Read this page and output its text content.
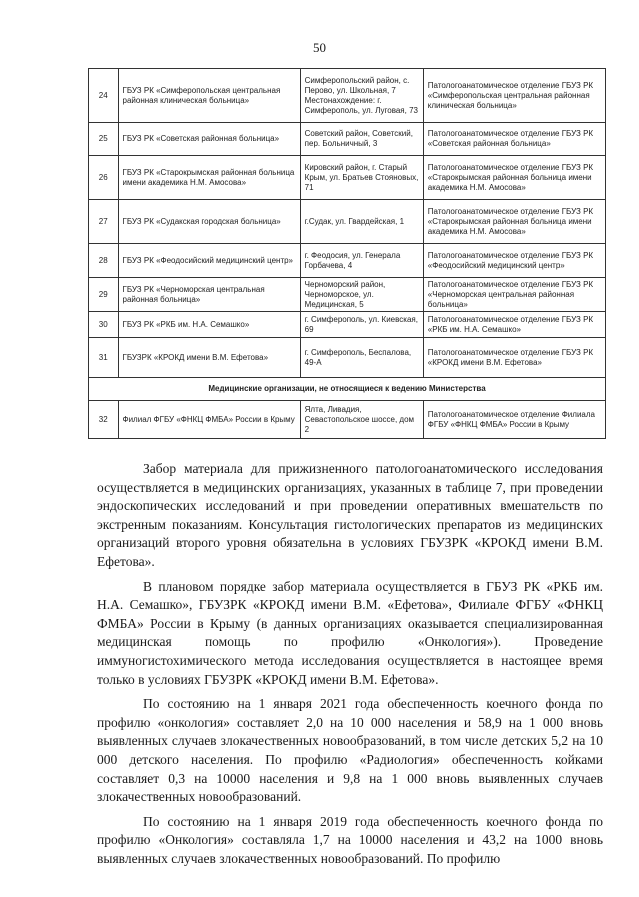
50
24	ГБУЗ РК «Симферопольская центральная районная клиническая больница»	Симферопольский район, с. Перово, ул. Школьная, 7 Местонахождение: г. Симферополь, ул. Луговая, 73	Патологоанатомическое отделение ГБУЗ РК «Симферопольская центральная районная клиническая больница»
25	ГБУЗ РК «Советская районная больница»	Советский район, Советский, пер. Больничный, 3	Патологоанатомическое отделение ГБУЗ РК «Советская районная больница»
26	ГБУЗ РК «Старокрымская районная больница имени академика Н.М. Амосова»	Кировский район, г. Старый Крым, ул. Братьев Стояновых, 71	Патологоанатомическое отделение ГБУЗ РК «Старокрымская районная больница имени академика Н.М. Амосова»
27	ГБУЗ РК «Судакская городская больница»	г.Судак, ул. Гвардейская, 1	Патологоанатомическое отделение ГБУЗ РК «Старокрымская районная больница имени академика Н.М. Амосова»
28	ГБУЗ РК «Феодосийский медицинский центр»	г. Феодосия, ул. Генерала Горбачева, 4	Патологоанатомическое отделение ГБУЗ РК «Феодосийский медицинский центр»
29	ГБУЗ РК «Черноморская центральная районная больница»	Черноморский район, Черноморское, ул. Медицинская, 5	Патологоанатомическое отделение ГБУЗ РК «Черноморская центральная районная больница»
30	ГБУЗ РК «РКБ им. Н.А. Семашко»	г. Симферополь, ул. Киевская, 69	Патологоанатомическое отделение ГБУЗ РК «РКБ им. Н.А. Семашко»
31	ГБУЗРК «КРОКД имени В.М. Ефетова»	г. Симферополь, Беспалова, 49-А	Патологоанатомическое отделение ГБУЗ РК «КРОКД имени В.М. Ефетова»
Медицинские организации, не относящиеся к ведению Министерства			
32	Филиал ФГБУ «ФНКЦ ФМБА» России в Крыму	Ялта, Ливадия, Севастопольское шоссе, дом 2	Патологоанатомическое отделение Филиала ФГБУ «ФНКЦ ФМБА» России в Крыму

Забор материала для прижизненного патологоанатомического исследования осуществляется в медицинских организациях, указанных в таблице 7, при проведении эндоскопических исследований и при проведении оперативных вмешательств по экстренным показаниям. Консультация гистологических препаратов из медицинских организаций второго уровня обязательна в условиях ГБУЗРК «КРОКД имени В.М. Ефетова».

В плановом порядке забор материала осуществляется в ГБУЗ РК «РКБ им. Н.А. Семашко», ГБУЗРК «КРОКД имени В.М. «Ефетова», Филиале ФГБУ «ФНКЦ ФМБА» России в Крыму (в данных организациях оказывается специализированная медицинская помощь по профилю «Онкология»). Проведение иммуногистохимического метода исследования осуществляется в настоящее время только в условиях ГБУЗРК «КРОКД имени В.М. Ефетова».

По состоянию на 1 января 2021 года обеспеченность коечного фонда по профилю «онкология» составляет 2,0 на 10 000 населения и 58,9 на 1 000 вновь выявленных случаев злокачественных новообразований, в том числе детских 5,2 на 10 000 детского населения. По профилю «Радиология» обеспеченность койками составляет 0,3 на 10000 населения и 9,8 на 1 000 вновь выявленных случаев злокачественных новообразований.

По состоянию на 1 января 2019 года обеспеченность коечного фонда по профилю «Онкология» составляла 1,7 на 10000 населения и 43,2 на 1000 вновь выявленных случаев злокачественных новообразований. По профилю
